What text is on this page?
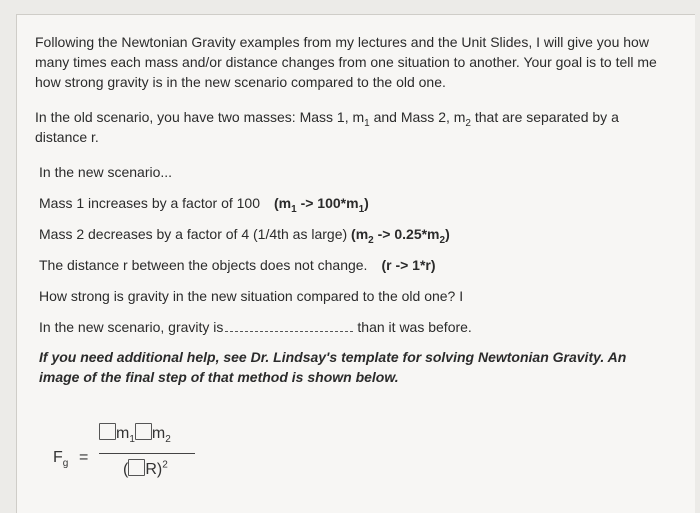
Following the Newtonian Gravity examples from my lectures and the Unit Slides, I will give you how many times each mass and/or distance changes from one situation to another. Your goal is to tell me how strong gravity is in the new scenario compared to the old one.

In the old scenario, you have two masses: Mass 1, $m_1$ and Mass 2, $m_2$ that are separated by a distance r.

In the new scenario...

Mass 1 increases by a factor of 100 $(m_1 -> 100*m_1)$

Mass 2 decreases by a factor of 4 (1/4th as large) $(m_2 -> 0.25*m_2)$

The distance r between the objects does not change. (r -> 1*r)

How strong is gravity in the new situation compared to the old one? I

In the new scenario, gravity is	than it was before.

If you need additional help, see Dr. Lindsay's template for solving Newtonian Gravity. An image of the final step of that method is shown below.

$F_g$ =
$m_1$ $m_2$
( R)$^2$
